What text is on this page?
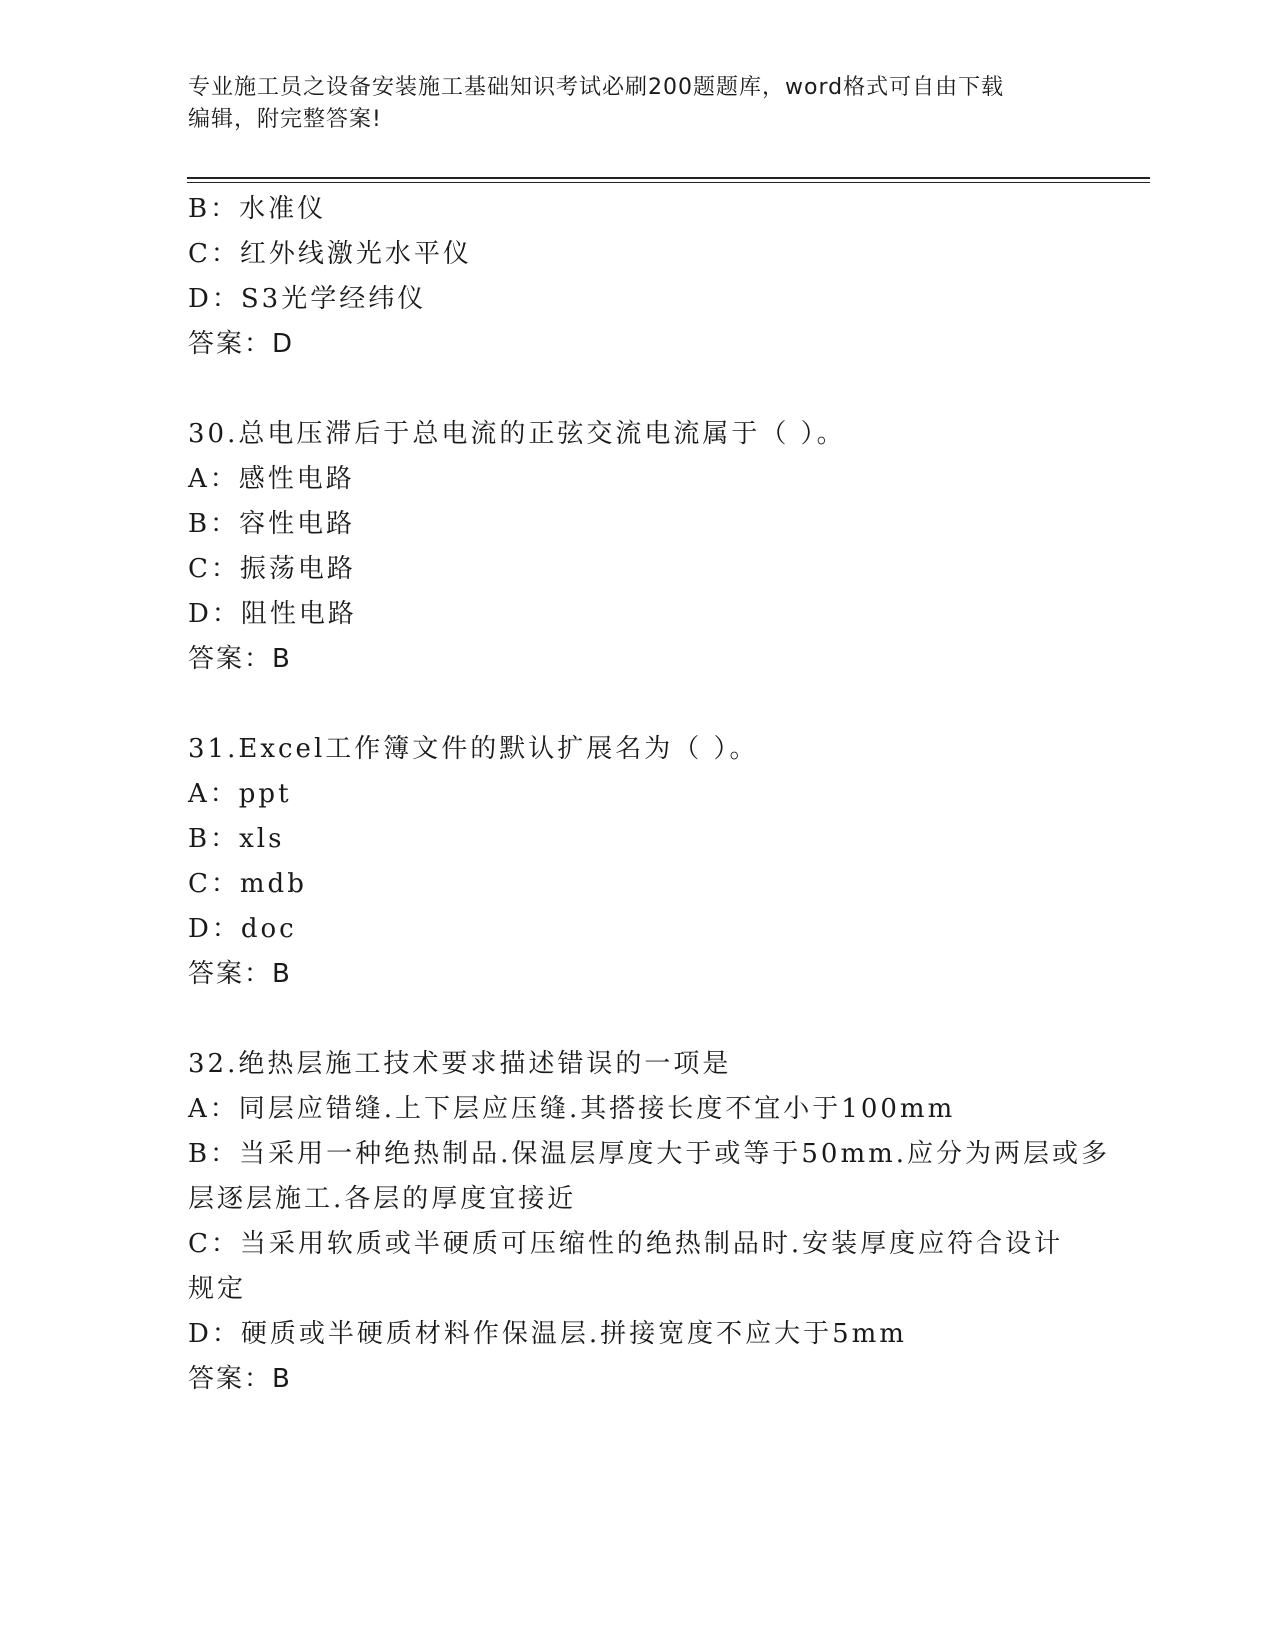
专业施工员之设备安装施工基础知识考试必刷200题题库，word格式可自由下载
编辑，附完整答案!
B：水准仪
C：红外线激光水平仪
D：S3光学经纬仪
答案：D
30.总电压滞后于总电流的正弦交流电流属于（ ）。
A：感性电路
B：容性电路
C：振荡电路
D：阻性电路
答案：B
31.Excel工作簿文件的默认扩展名为（ ）。
A：ppt
B：xls
C：mdb
D：doc
答案：B
32.绝热层施工技术要求描述错误的一项是
A：同层应错缝.上下层应压缝.其搭接长度不宜小于100mm
B：当采用一种绝热制品.保温层厚度大于或等于50mm.应分为两层或多
层逐层施工.各层的厚度宜接近
C：当采用软质或半硬质可压缩性的绝热制品时.安装厚度应符合设计
规定
D：硬质或半硬质材料作保温层.拼接宽度不应大于5mm
答案：B
